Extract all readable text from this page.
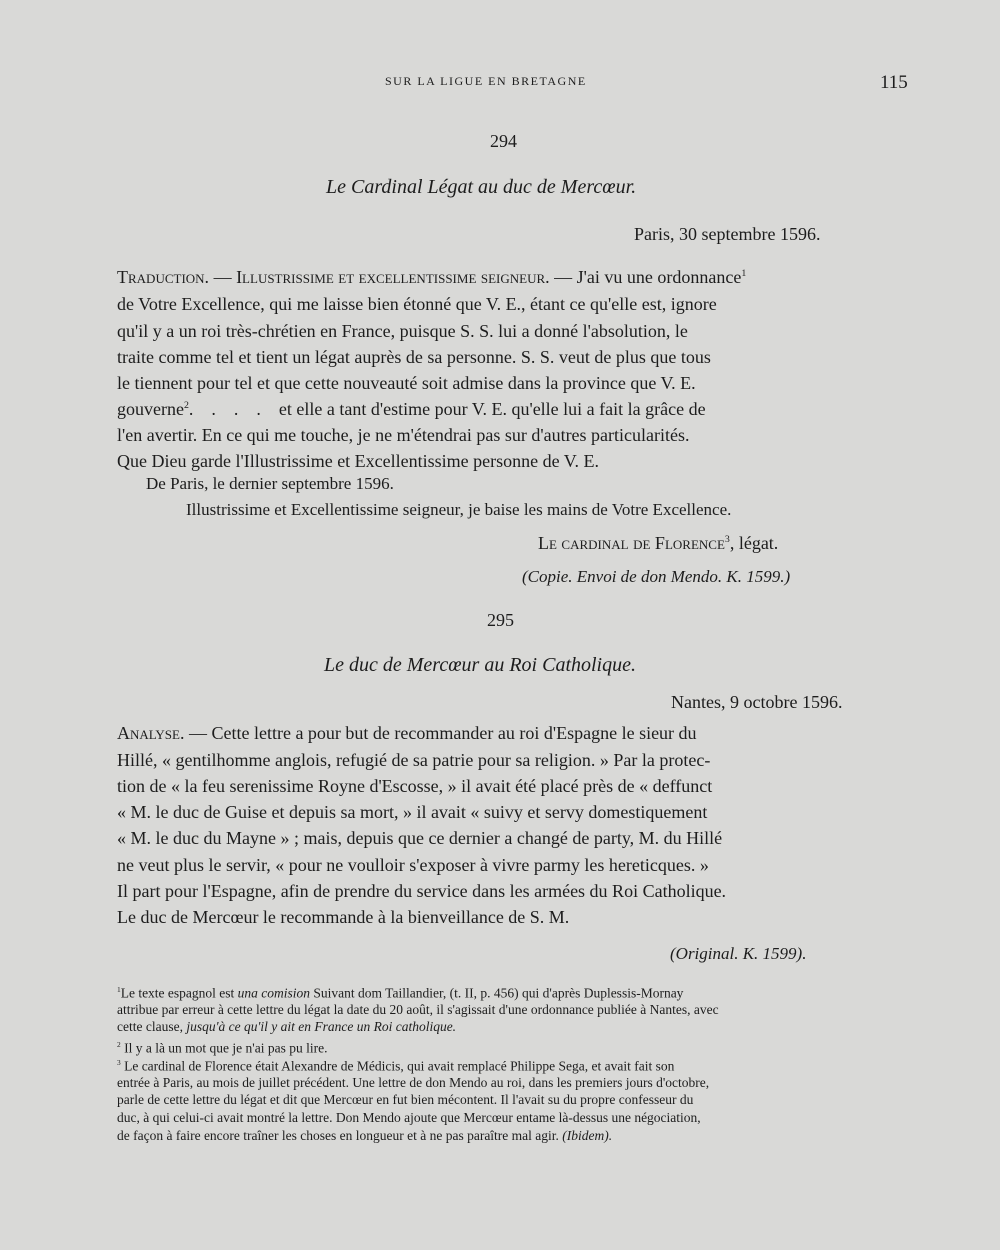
SUR LA LIGUE EN BRETAGNE	115
294
Le Cardinal Légat au duc de Mercœur.
Paris, 30 septembre 1596.
Traduction. — Illustrissime et excellentissime seigneur. — J'ai vu une ordonnance$^1$
de Votre Excellence, qui me laisse bien étonné que V. E., étant ce qu'elle est, ignore
qu'il y a un roi très-chrétien en France, puisque S. S. lui a donné l'absolution, le
traite comme tel et tient un légat auprès de sa personne. S. S. veut de plus que tous
le tiennent pour tel et que cette nouveauté soit admise dans la province que V. E.
gouverne$^2$.    .    .    .    et elle a tant d'estime pour V. E. qu'elle lui a fait la grâce de
l'en avertir. En ce qui me touche, je ne m'étendrai pas sur d'autres particularités.
Que Dieu garde l'Illustrissime et Excellentissime personne de V. E.
De Paris, le dernier septembre 1596.
Illustrissime et Excellentissime seigneur, je baise les mains de Votre Excellence.
Le cardinal de Florence$^3$, légat.
(Copie. Envoi de don Mendo. K. 1599.)
295
Le duc de Mercœur au Roi Catholique.
Nantes, 9 octobre 1596.
Analyse. — Cette lettre a pour but de recommander au roi d'Espagne le sieur du
Hillé, « gentilhomme anglois, refugié de sa patrie pour sa religion. » Par la protec-
tion de « la feu serenissime Royne d'Escosse, » il avait été placé près de « deffunct
« M. le duc de Guise et depuis sa mort, » il avait « suivy et servy domestiquement
« M. le duc du Mayne » ; mais, depuis que ce dernier a changé de party, M. du Hillé
ne veut plus le servir, « pour ne voulloir s'exposer à vivre parmy les hereticques. »
Il part pour l'Espagne, afin de prendre du service dans les armées du Roi Catholique.
Le duc de Mercœur le recommande à la bienveillance de S. M.
(Original. K. 1599).
$^1$Le texte espagnol est una comision Suivant dom Taillandier, (t. II, p. 456) qui d'après Duplessis-Mornay
attribue par erreur à cette lettre du légat la date du 20 août, il s'agissait d'une ordonnance publiée à Nantes, avec
cette clause, jusqu'à ce qu'il y ait en France un Roi catholique.
$^2$ Il y a là un mot que je n'ai pas pu lire.
$^3$ Le cardinal de Florence était Alexandre de Médicis, qui avait remplacé Philippe Sega, et avait fait son
entrée à Paris, au mois de juillet précédent. Une lettre de don Mendo au roi, dans les premiers jours d'octobre,
parle de cette lettre du légat et dit que Mercœur en fut bien mécontent. Il l'avait su du propre confesseur du
duc, à qui celui-ci avait montré la lettre. Don Mendo ajoute que Mercœur entame là-dessus une négociation,
de façon à faire encore traîner les choses en longueur et à ne pas paraître mal agir. (Ibidem).
